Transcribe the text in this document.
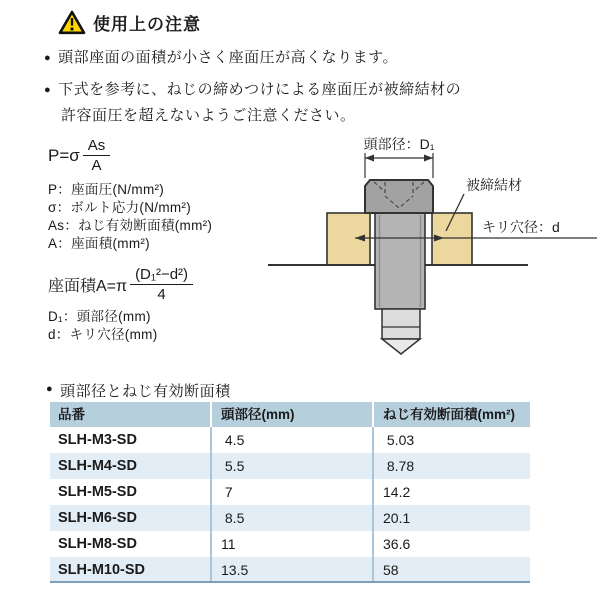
使用上の注意
● 頭部座面の面積が小さく座面圧が高くなります。
● 下式を参考に、ねじの締めつけによる座面圧が被締結材の
許容面圧を超えないようご注意ください。
$P=\sigma \frac{As}{A}$
P：座面圧(N/mm²)
σ：ボルト応力(N/mm²)
As：ねじ有効断面積(mm²)
A：座面積(mm²)
座面積$A=\pi \frac{\text{(D₁²−d²)}}{4}$
D₁：頭部径(mm)
d：キリ穴径(mm)
頭部径：D₁
被締結材
キリ穴径：d
● 頭部径とねじ有効断面積
品番	頭部径(mm)	ねじ有効断面積(mm²)
SLH-M3-SD	4.5	5.03
SLH-M4-SD	5.5	8.78
SLH-M5-SD	7	14.2
SLH-M6-SD	8.5	20.1
SLH-M8-SD	11	36.6
SLH-M10-SD	13.5	58
